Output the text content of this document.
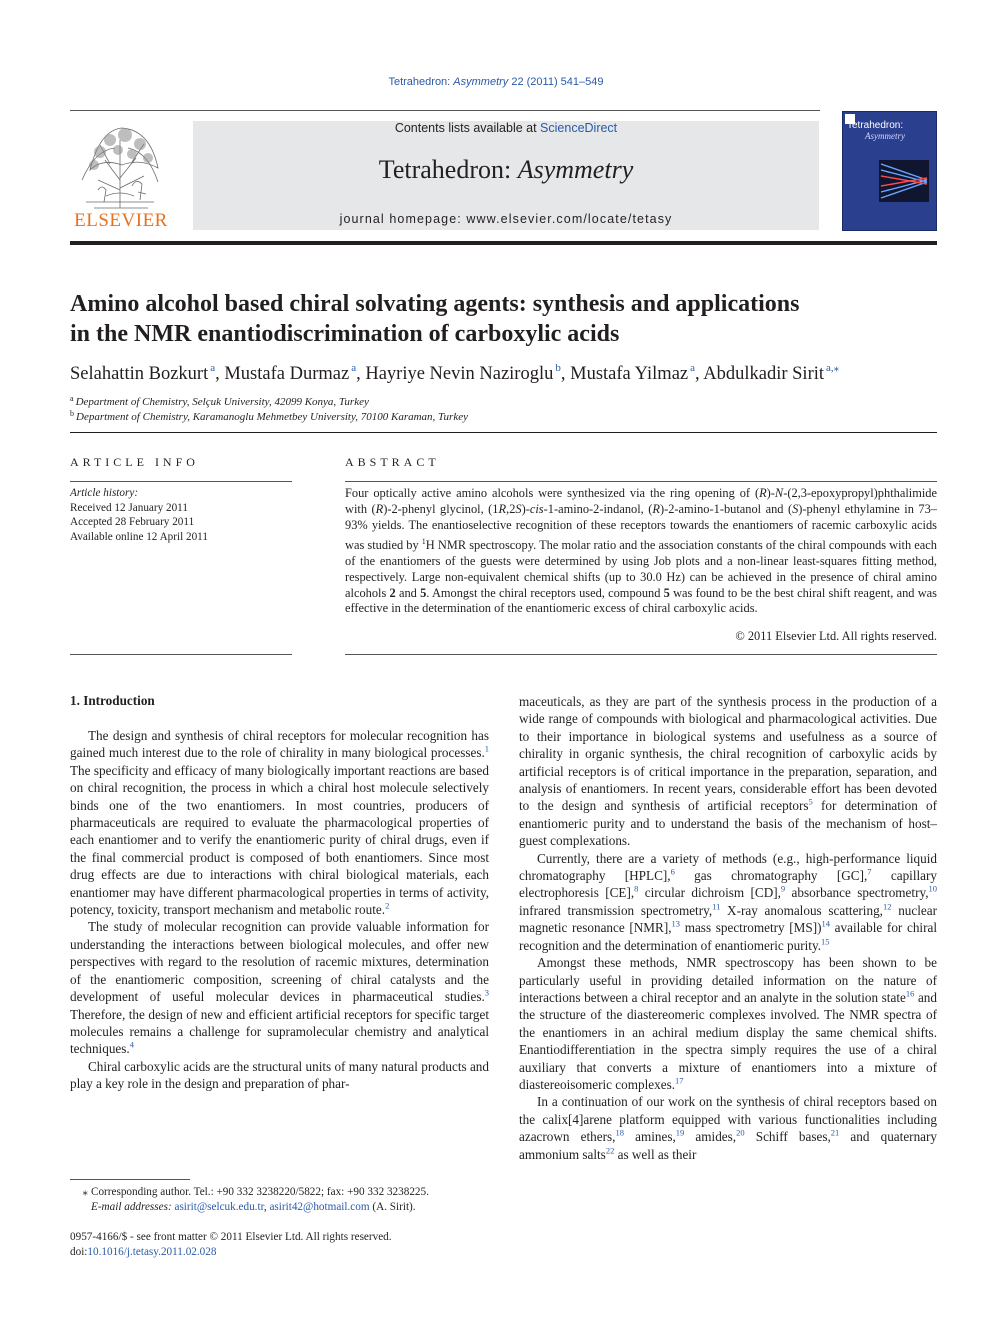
Tetrahedron: Asymmetry 22 (2011) 541–549
ELSEVIER
Contents lists available at ScienceDirect
Tetrahedron: Asymmetry
journal homepage: www.elsevier.com/locate/tetasy
Tetrahedron:
Asymmetry
Amino alcohol based chiral solvating agents: synthesis and applications
in the NMR enantiodiscrimination of carboxylic acids
Selahattin Bozkurt $^a$, Mustafa Durmaz $^a$, Hayriye Nevin Naziroglu $^b$, Mustafa Yilmaz $^a$, Abdulkadir Sirit $^{a,⁎}$
$^a$ Department of Chemistry, Selçuk University, 42099 Konya, Turkey
$^b$ Department of Chemistry, Karamanoglu Mehmetbey University, 70100 Karaman, Turkey
ARTICLE INFO	ABSTRACT
Article history:
Received 12 January 2011
Accepted 28 February 2011
Available online 12 April 2011
Four optically active amino alcohols were synthesized via the ring opening of (R)-N-(2,3-epoxypropyl)phthalimide with (R)-2-phenyl glycinol, (1R,2S)-cis-1-amino-2-indanol, (R)-2-amino-1-butanol and (S)-phenyl ethylamine in 73–93% yields. The enantioselective recognition of these receptors towards the enantiomers of racemic carboxylic acids was studied by $^1$H NMR spectroscopy. The molar ratio and the association constants of the chiral compounds with each of the enantiomers of the guests were determined by using Job plots and a non-linear least-squares fitting method, respectively. Large non-equivalent chemical shifts (up to 30.0 Hz) can be achieved in the presence of chiral amino alcohols 2 and 5. Amongst the chiral receptors used, compound 5 was found to be the best chiral shift reagent, and was effective in the determination of the enantiomeric excess of chiral carboxylic acids.
© 2011 Elsevier Ltd. All rights reserved.
1. Introduction

The design and synthesis of chiral receptors for molecular recognition has gained much interest due to the role of chirality in many biological processes.$^1$ The specificity and efficacy of many biologically important reactions are based on chiral recognition, the process in which a chiral host molecule selectively binds one of the two enantiomers. In most countries, producers of pharmaceuticals are required to evaluate the pharmacological properties of each enantiomer and to verify the enantiomeric purity of chiral drugs, even if the final commercial product is composed of both enantiomers. Since most drug effects are due to interactions with chiral biological materials, each enantiomer may have different pharmacological properties in terms of activity, potency, toxicity, transport mechanism and metabolic route.$^2$

The study of molecular recognition can provide valuable information for understanding the interactions between biological molecules, and offer new perspectives with regard to the resolution of racemic mixtures, determination of the enantiomeric composition, screening of chiral catalysts and the development of useful molecular devices in pharmaceutical studies.$^3$ Therefore, the design of new and efficient artificial receptors for specific target molecules remains a challenge for supramolecular chemistry and analytical techniques.$^4$

Chiral carboxylic acids are the structural units of many natural products and play a key role in the design and preparation of phar-

maceuticals, as they are part of the synthesis process in the production of a wide range of compounds with biological and pharmacological activities. Due to their importance in biological systems and usefulness as a source of chirality in organic synthesis, the chiral recognition of carboxylic acids by artificial receptors is of critical importance in the preparation, separation, and analysis of enantiomers. In recent years, considerable effort has been devoted to the design and synthesis of artificial receptors$^5$ for determination of enantiomeric purity and to understand the basis of the mechanism of host–guest complexations.

Currently, there are a variety of methods (e.g., high-performance liquid chromatography [HPLC],$^6$ gas chromatography [GC],$^7$ capillary electrophoresis [CE],$^8$ circular dichroism [CD],$^9$ absorbance spectrometry,$^{10}$ infrared transmission spectrometry,$^{11}$ X-ray anomalous scattering,$^{12}$ nuclear magnetic resonance [NMR],$^{13}$ mass spectrometry [MS])$^{14}$ available for chiral recognition and the determination of enantiomeric purity.$^{15}$

Amongst these methods, NMR spectroscopy has been shown to be particularly useful in providing detailed information on the nature of interactions between a chiral receptor and an analyte in the solution state$^{16}$ and the structure of the diastereomeric complexes involved. The NMR spectra of the enantiomers in an achiral medium display the same chemical shifts. Enantiodifferentiation in the spectra simply requires the use of a chiral auxiliary that converts a mixture of enantiomers into a mixture of diastereoisomeric complexes.$^{17}$

In a continuation of our work on the synthesis of chiral receptors based on the calix[4]arene platform equipped with various functionalities including azacrown ethers,$^{18}$ amines,$^{19}$ amides,$^{20}$ Schiff bases,$^{21}$ and quaternary ammonium salts$^{22}$ as well as their

⁎ Corresponding author. Tel.: +90 332 3238220/5822; fax: +90 332 3238225.
E-mail addresses: asirit@selcuk.edu.tr, asirit42@hotmail.com (A. Sirit).
0957-4166/$ - see front matter © 2011 Elsevier Ltd. All rights reserved.
doi:10.1016/j.tetasy.2011.02.028
